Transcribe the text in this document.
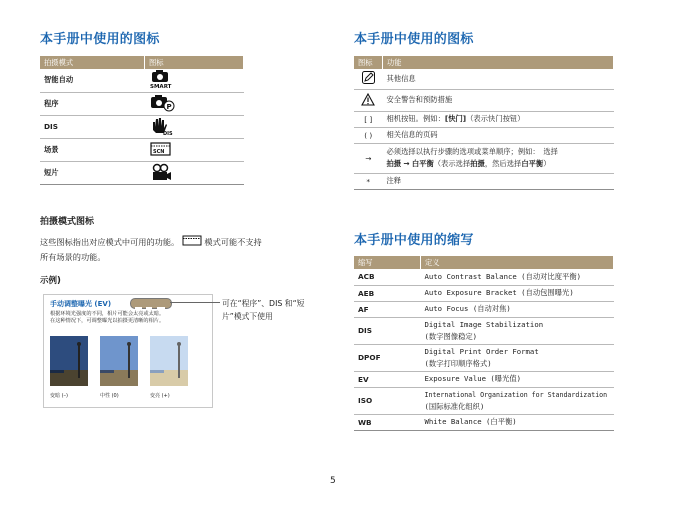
本手册中使用的图标
拍摄模式	图标
智能自动	SMART

程序	P

DIS	DIS

场景	SCN

短片	
拍摄模式图标
这些图标指出对应模式中可用的功能。	模式可能不支持
所有场景的功能。
示例)
手动调整曝光 (EV)
根据环境光强度的不同，相片可能会太亮或太暗。
在这种情况下，可调整曝光以拍摄更清晰的相片。
变暗 (–)	中性 (0)	变亮 (+)
可在“程序”、DIS 和“短片”模式下使用
本手册中使用的图标
图标	功能
	其他信息
	安全警告和预防措施
[ ]	相机按钮。例如：[快门]（表示快门按钮）
( )	相关信息的页码
→	必须选择以执行步骤的选项或菜单顺序；例如：　选择
拍摄 → 白平衡（表示选择拍摄，然后选择白平衡）

*	注释
本手册中使用的缩写
缩写	定义
ACB	Auto Contrast Balance (自动对比度平衡)
AEB	Auto Exposure Bracket (自动包围曝光)
AF	Auto Focus (自动对焦)
DIS	Digital Image Stabilization
(数字图像稳定)

DPOF	Digital Print Order Format
(数字打印顺序格式)

EV	Exposure Value (曝光值)
ISO	International Organization for Standardization
(国际标准化组织)

WB	White Balance (白平衡)
5
